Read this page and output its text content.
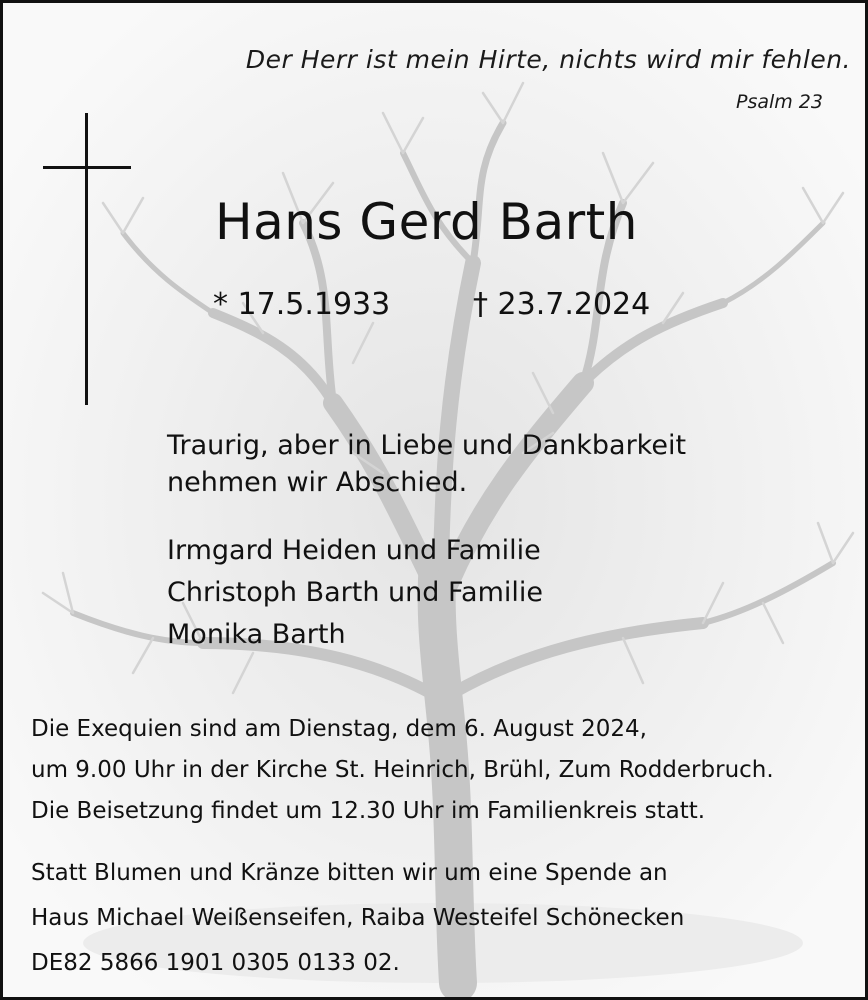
Der Herr ist mein Hirte, nichts wird mir fehlen.
Psalm 23
Hans Gerd Barth
* 17.5.1933	† 23.7.2024
Traurig, aber in Liebe und Dankbarkeit
nehmen wir Abschied.
Irmgard Heiden und Familie
Christoph Barth und Familie
Monika Barth
Die Exequien sind am Dienstag, dem 6. August 2024,
um 9.00 Uhr in der Kirche St. Heinrich, Brühl, Zum Rodderbruch.
Die Beisetzung findet um 12.30 Uhr im Familienkreis statt.
Statt Blumen und Kränze bitten wir um eine Spende an
Haus Michael Weißenseifen, Raiba Westeifel Schönecken
DE82 5866 1901 0305 0133 02.
